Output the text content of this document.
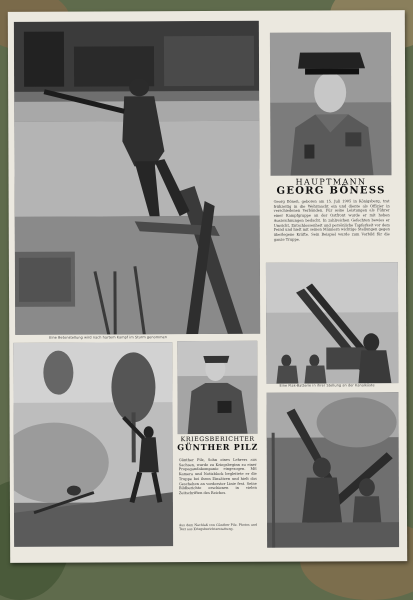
Eine Betonstellung wird nach hartem Kampf im Sturm genommen
HAUPTMANN
GEORG BÖNESS
Georg Böneß, geboren am 15. Juli 1905 in Königsberg, trat frühzeitig in die Wehrmacht ein und diente als Offizier in verschiedenen Verbänden. Für seine Leistungen als Führer einer Kampfgruppe an der Ostfront wurde er mit hohen Auszeichnungen bedacht. In zahlreichen Gefechten bewies er Umsicht, Entschlossenheit und persönliche Tapferkeit vor dem Feind und hielt mit seinen Männern wichtige Stellungen gegen überlegene Kräfte. Sein Beispiel wurde zum Vorbild für die ganze Truppe.
Eine Flak-Batterie in ihrer Stellung an der Kanalküste
KRIEGSBERICHTER
GÜNTHER PILZ
Günther Pilz, Sohn eines Lehrers aus Sachsen, wurde zu Kriegsbeginn zu einer Propagandakompanie eingezogen. Mit Kamera und Notizblock begleitete er die Truppe bei ihren Einsätzen und hielt das Geschehen an vorderster Linie fest. Seine Bildberichte erschienen in vielen Zeitschriften des Reiches.
Aus dem Nachlaß von Günther Pilz. Photos und Text aus Kriegsberichterstattung.
